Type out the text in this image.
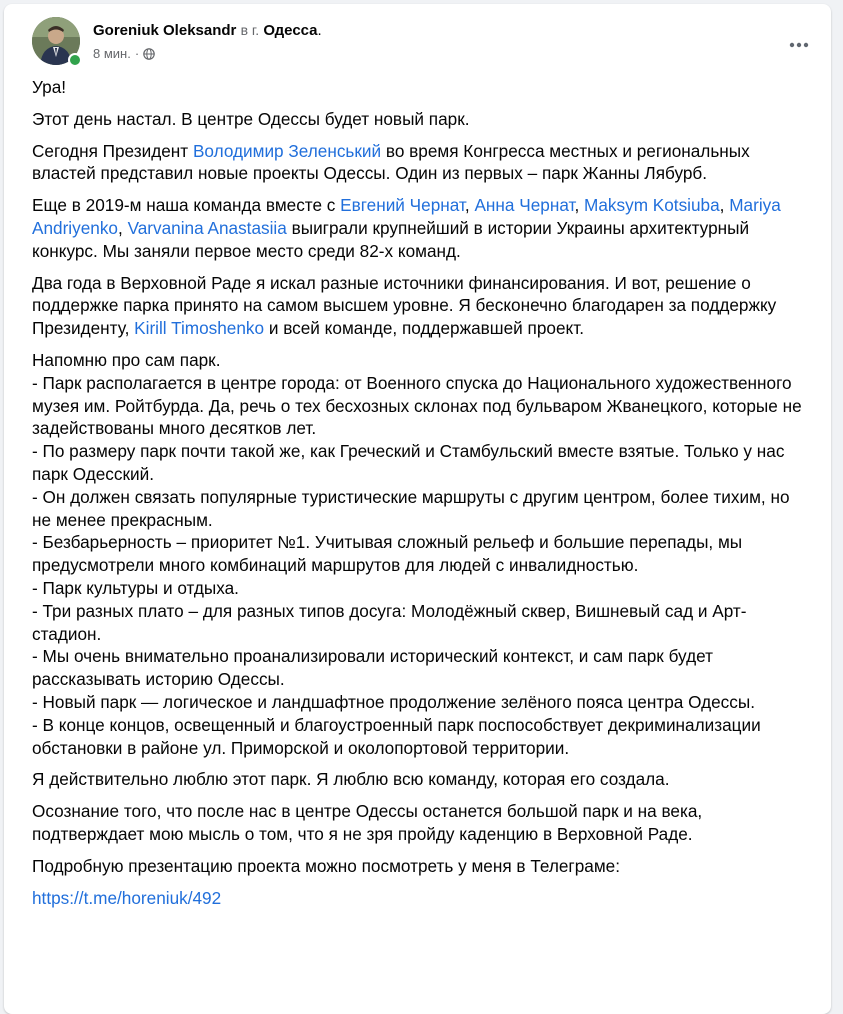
Goreniuk Oleksandr в г. Одесса.
8 мин. ·

Ура!

Этот день настал. В центре Одессы будет новый парк.

Сегодня Президент Володимир Зеленський во время Конгресса местных и региональных властей представил новые проекты Одессы. Один из первых – парк Жанны Лябурб.

Еще в 2019-м наша команда вместе с Евгений Чернат, Анна Чернат, Maksym Kotsiuba, Mariya Andriyenko, Varvanina Anastasiia выиграли крупнейший в истории Украины архитектурный конкурс. Мы заняли первое место среди 82-х команд.

Два года в Верховной Раде я искал разные источники финансирования. И вот, решение о поддержке парка принято на самом высшем уровне. Я бесконечно благодарен за поддержку Президенту, Kirill Timoshenko и всей команде, поддержавшей проект.

Напомню про сам парк.
- Парк располагается в центре города: от Военного спуска до Национального художественного музея им. Ройтбурда. Да, речь о тех бесхозных склонах под бульваром Жванецкого, которые не задействованы много десятков лет.
- По размеру парк почти такой же, как Греческий и Стамбульский вместе взятые. Только у нас парк Одесский.
- Он должен связать популярные туристические маршруты с другим центром, более тихим, но не менее прекрасным.
- Безбарьерность – приоритет №1. Учитывая сложный рельеф и большие перепады, мы предусмотрели много комбинаций маршрутов для людей с инвалидностью.
- Парк культуры и отдыха.
- Три разных плато – для разных типов досуга: Молодёжный сквер, Вишневый сад и Арт-стадион.
- Мы очень внимательно проанализировали исторический контекст, и сам парк будет рассказывать историю Одессы.
- Новый парк — логическое и ландшафтное продолжение зелёного пояса центра Одессы.
- В конце концов, освещенный и благоустроенный парк поспособствует декриминализации обстановки в районе ул. Приморской и околопортовой территории.

Я действительно люблю этот парк. Я люблю всю команду, которая его создала.

Осознание того, что после нас в центре Одессы останется большой парк и на века, подтверждает мою мысль о том, что я не зря пройду каденцию в Верховной Раде.

Подробную презентацию проекта можно посмотреть у меня в Телеграме:

https://t.me/horeniuk/492
